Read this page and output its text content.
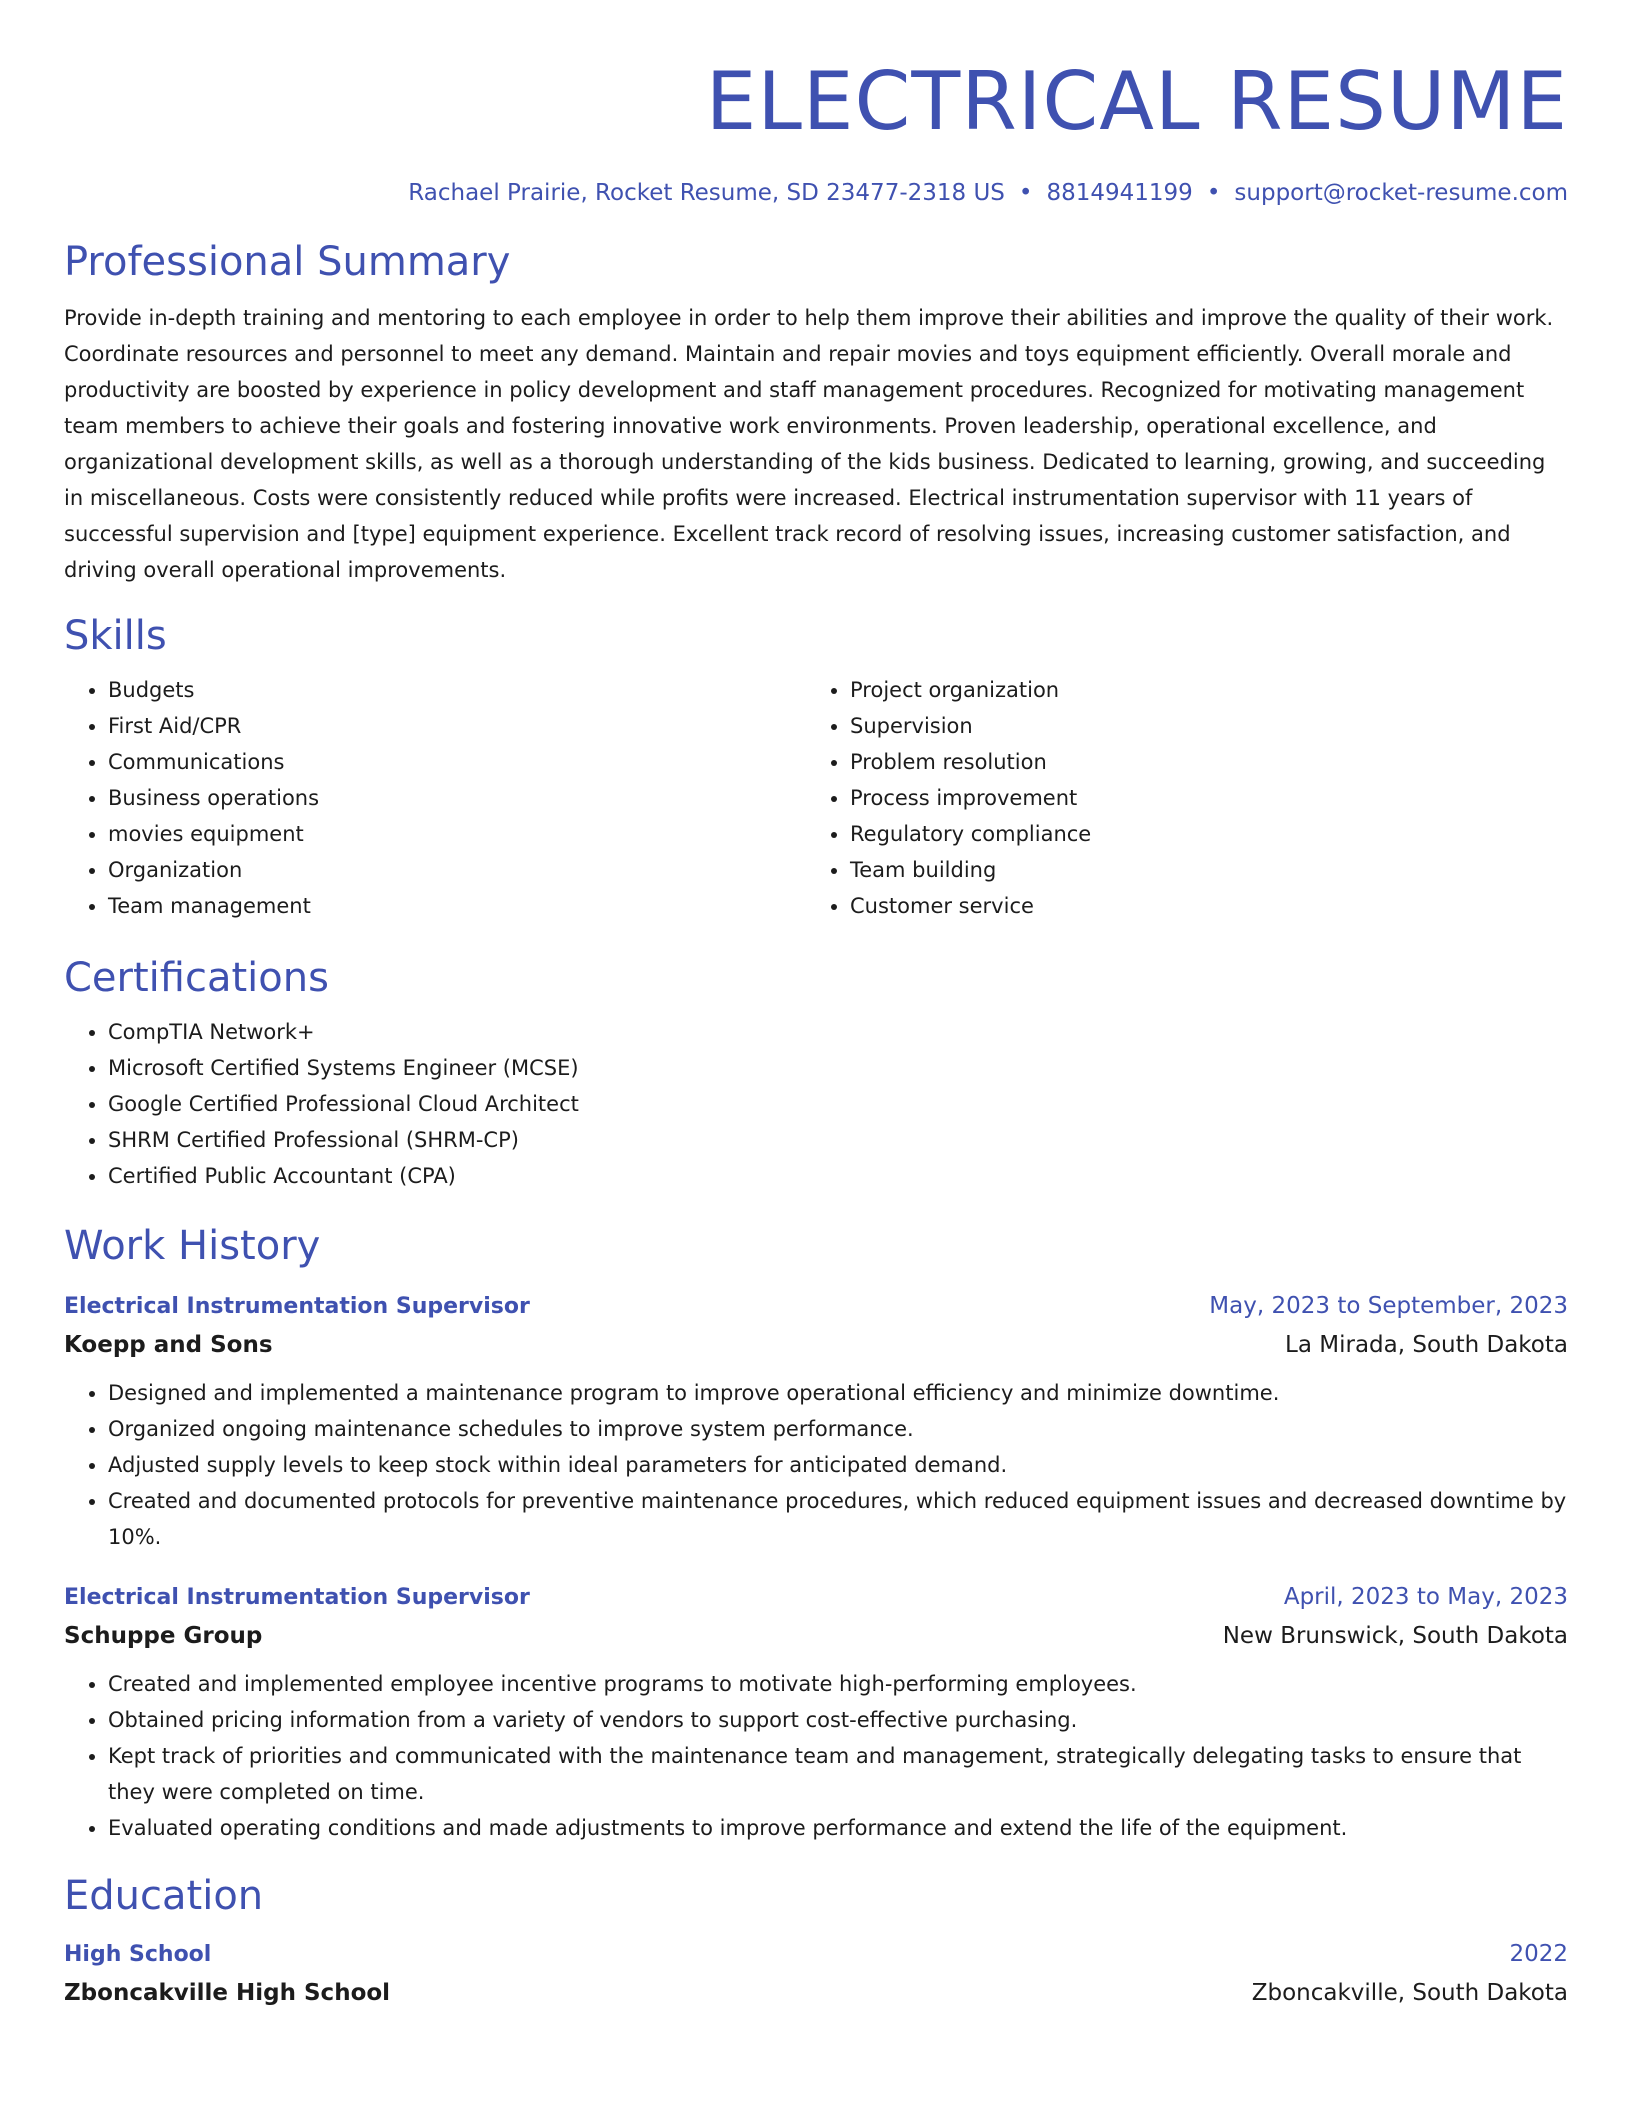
ELECTRICAL RESUME
Rachael Prairie, Rocket Resume, SD 23477-2318 US • 8814941199 • support@rocket-resume.com
Professional Summary

Provide in-depth training and mentoring to each employee in order to help them improve their abilities and improve the quality of their work. Coordinate resources and personnel to meet any demand. Maintain and repair movies and toys equipment efficiently. Overall morale and productivity are boosted by experience in policy development and staff management procedures. Recognized for motivating management team members to achieve their goals and fostering innovative work environments. Proven leadership, operational excellence, and organizational development skills, as well as a thorough understanding of the kids business. Dedicated to learning, growing, and succeeding in miscellaneous. Costs were consistently reduced while profits were increased. Electrical instrumentation supervisor with 11 years of successful supervision and [type] equipment experience. Excellent track record of resolving issues, increasing customer satisfaction, and driving overall operational improvements.

Skills
• Budgets
• First Aid/CPR
• Communications
• Business operations
• movies equipment
• Organization
• Team management
• Project organization
• Supervision
• Problem resolution
• Process improvement
• Regulatory compliance
• Team building
• Customer service
Certifications
• CompTIA Network+
• Microsoft Certified Systems Engineer (MCSE)
• Google Certified Professional Cloud Architect
• SHRM Certified Professional (SHRM-CP)
• Certified Public Accountant (CPA)
Work History
Electrical Instrumentation Supervisor	May, 2023 to September, 2023
Koepp and Sons	La Mirada, South Dakota
• Designed and implemented a maintenance program to improve operational efficiency and minimize downtime.
• Organized ongoing maintenance schedules to improve system performance.
• Adjusted supply levels to keep stock within ideal parameters for anticipated demand.
• Created and documented protocols for preventive maintenance procedures, which reduced equipment issues and decreased downtime by 10%.
Electrical Instrumentation Supervisor	April, 2023 to May, 2023
Schuppe Group	New Brunswick, South Dakota
• Created and implemented employee incentive programs to motivate high-performing employees.
• Obtained pricing information from a variety of vendors to support cost-effective purchasing.
• Kept track of priorities and communicated with the maintenance team and management, strategically delegating tasks to ensure that they were completed on time.
• Evaluated operating conditions and made adjustments to improve performance and extend the life of the equipment.
Education
High School	2022
Zboncakville High School	Zboncakville, South Dakota
